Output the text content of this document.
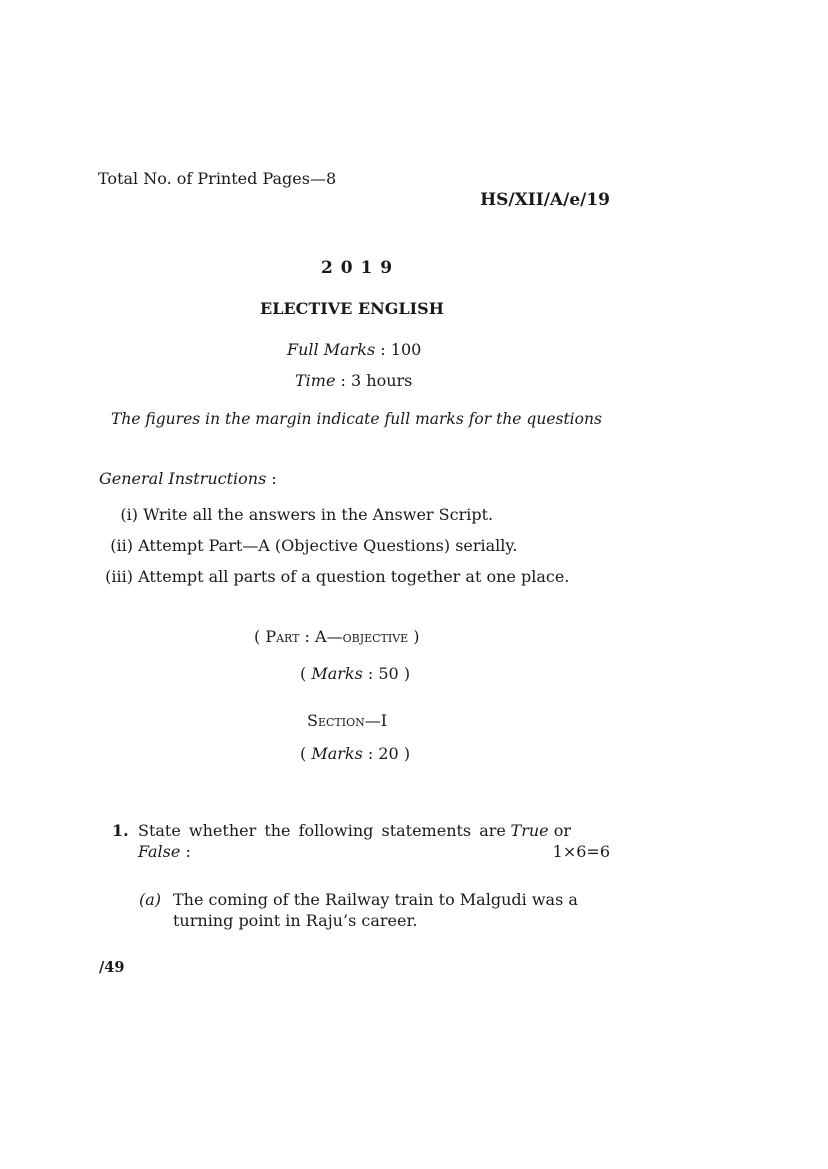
Total No. of Printed Pages—8
HS/XII/A/e/19
2 0 1 9
ELECTIVE ENGLISH
Full Marks : 100
Time : 3 hours
The figures in the margin indicate full marks for the questions
General Instructions :
(i) Write all the answers in the Answer Script.
(ii) Attempt Part—A (Objective Questions) serially.
(iii) Attempt all parts of a question together at one place.
( Part : A—objective )
( Marks : 50 )
Section—I
( Marks : 20 )
1. State whether the following statements are True or
False :	1×6=6
(a) The coming of the Railway train to Malgudi was a
turning point in Raju’s career.
/49
